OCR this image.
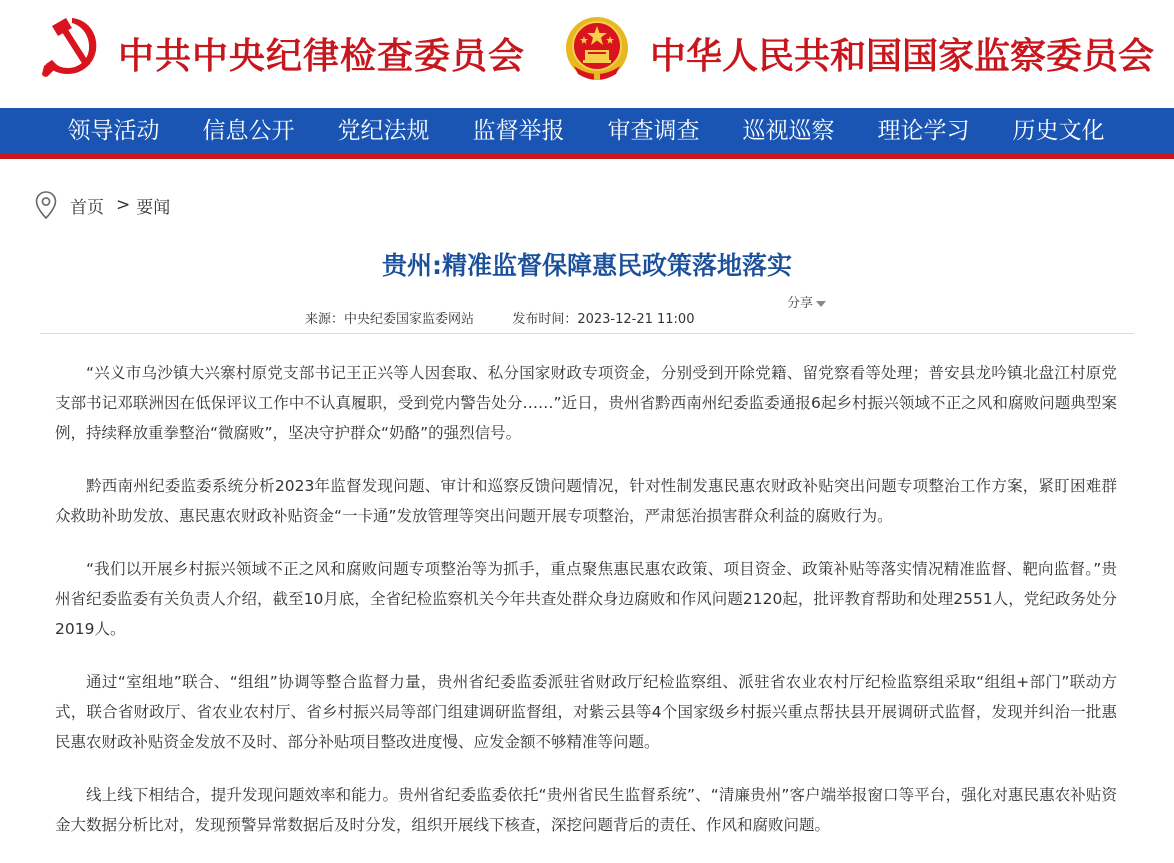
中共中央纪律检查委员会	中华人民共和国国家监察委员会
领导活动	信息公开	党纪法规	监督举报	审查调查	巡视巡察	理论学习	历史文化
首页 > 要闻
贵州:精准监督保障惠民政策落地落实
分享
来源：中央纪委国家监委网站	发布时间：2023-12-21 11:00

“兴义市乌沙镇大兴寨村原党支部书记王正兴等人因套取、私分国家财政专项资金，分别受到开除党籍、留党察看等处理；普安县龙吟镇北盘江村原党支部书记邓联洲因在低保评议工作中不认真履职，受到党内警告处分……”近日，贵州省黔西南州纪委监委通报6起乡村振兴领域不正之风和腐败问题典型案例，持续释放重拳整治“微腐败”，坚决守护群众“奶酪”的强烈信号。

黔西南州纪委监委系统分析2023年监督发现问题、审计和巡察反馈问题情况，针对性制发惠民惠农财政补贴突出问题专项整治工作方案，紧盯困难群众救助补助发放、惠民惠农财政补贴资金“一卡通”发放管理等突出问题开展专项整治，严肃惩治损害群众利益的腐败行为。

“我们以开展乡村振兴领域不正之风和腐败问题专项整治等为抓手，重点聚焦惠民惠农政策、项目资金、政策补贴等落实情况精准监督、靶向监督。”贵州省纪委监委有关负责人介绍，截至10月底，全省纪检监察机关今年共查处群众身边腐败和作风问题2120起，批评教育帮助和处理2551人，党纪政务处分2019人。

通过“室组地”联合、“组组”协调等整合监督力量，贵州省纪委监委派驻省财政厅纪检监察组、派驻省农业农村厅纪检监察组采取“组组+部门”联动方式，联合省财政厅、省农业农村厅、省乡村振兴局等部门组建调研监督组，对紫云县等4个国家级乡村振兴重点帮扶县开展调研式监督，发现并纠治一批惠民惠农财政补贴资金发放不及时、部分补贴项目整改进度慢、应发金额不够精准等问题。

线上线下相结合，提升发现问题效率和能力。贵州省纪委监委依托“贵州省民生监督系统”、“清廉贵州”客户端举报窗口等平台，强化对惠民惠农补贴资金大数据分析比对，发现预警异常数据后及时分发，组织开展线下核查，深挖问题背后的责任、作风和腐败问题。
